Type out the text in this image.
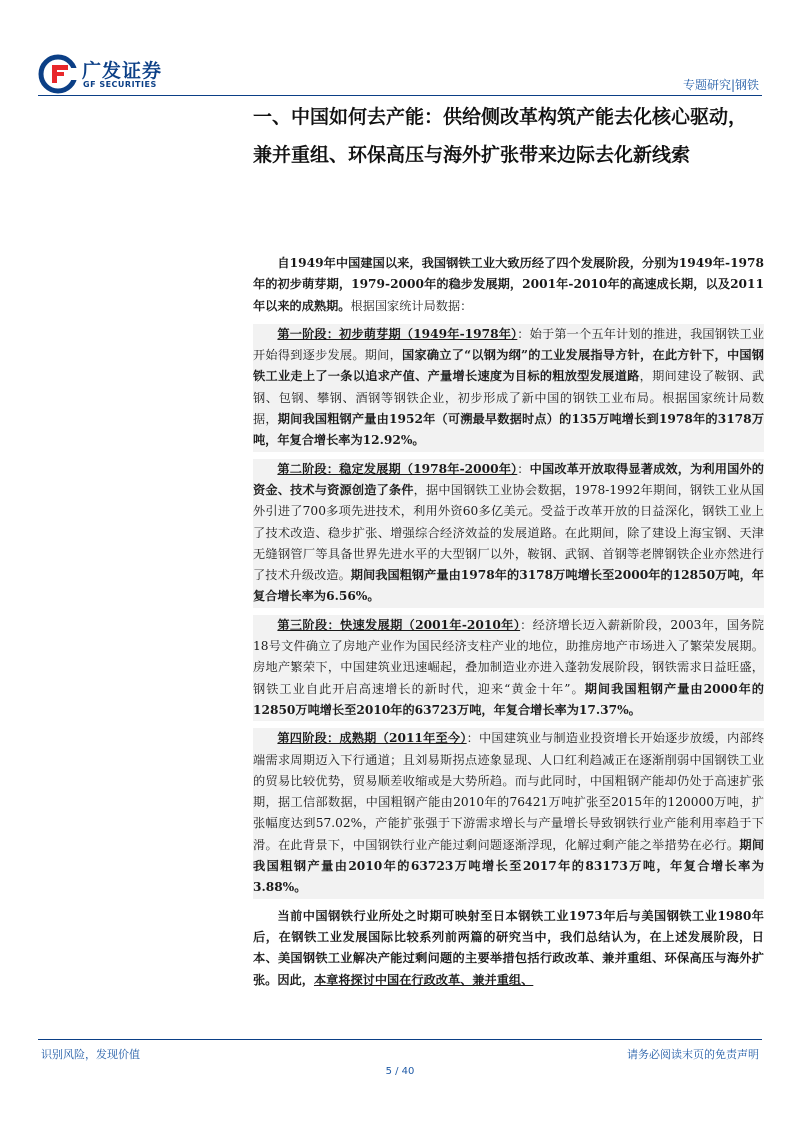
广发证券
GF SECURITIES	专题研究|钢铁
一、中国如何去产能：供给侧改革构筑产能去化核心驱动，兼并重组、环保高压与海外扩张带来边际去化新线索

自1949年中国建国以来，我国钢铁工业大致历经了四个发展阶段，分别为1949年-1978年的初步萌芽期，1979-2000年的稳步发展期，2001年-2010年的高速成长期，以及2011年以来的成熟期。根据国家统计局数据：

第一阶段：初步萌芽期（1949年-1978年）：始于第一个五年计划的推进，我国钢铁工业开始得到逐步发展。期间，国家确立了“以钢为纲”的工业发展指导方针，在此方针下，中国钢铁工业走上了一条以追求产值、产量增长速度为目标的粗放型发展道路，期间建设了鞍钢、武钢、包钢、攀钢、酒钢等钢铁企业，初步形成了新中国的钢铁工业布局。根据国家统计局数据，期间我国粗钢产量由1952年（可溯最早数据时点）的135万吨增长到1978年的3178万吨，年复合增长率为12.92%。

第二阶段：稳定发展期（1978年-2000年）：中国改革开放取得显著成效，为利用国外的资金、技术与资源创造了条件，据中国钢铁工业协会数据，1978-1992年期间，钢铁工业从国外引进了700多项先进技术，利用外资60多亿美元。受益于改革开放的日益深化，钢铁工业上了技术改造、稳步扩张、增强综合经济效益的发展道路。在此期间，除了建设上海宝钢、天津无缝钢管厂等具备世界先进水平的大型钢厂以外，鞍钢、武钢、首钢等老牌钢铁企业亦然进行了技术升级改造。期间我国粗钢产量由1978年的3178万吨增长至2000年的12850万吨，年复合增长率为6.56%。

第三阶段：快速发展期（2001年-2010年）：经济增长迈入薪新阶段，2003年，国务院18号文件确立了房地产业作为国民经济支柱产业的地位，助推房地产市场进入了繁荣发展期。房地产繁荣下，中国建筑业迅速崛起，叠加制造业亦进入蓬勃发展阶段，钢铁需求日益旺盛，钢铁工业自此开启高速增长的新时代，迎来“黄金十年”。期间我国粗钢产量由2000年的12850万吨增长至2010年的63723万吨，年复合增长率为17.37%。

第四阶段：成熟期（2011年至今）：中国建筑业与制造业投资增长开始逐步放缓，内部终端需求周期迈入下行通道；且刘易斯拐点迹象显现、人口红利趋减正在逐渐削弱中国钢铁工业的贸易比较优势，贸易顺差收缩或是大势所趋。而与此同时，中国粗钢产能却仍处于高速扩张期，据工信部数据，中国粗钢产能由2010年的76421万吨扩张至2015年的120000万吨，扩张幅度达到57.02%，产能扩张强于下游需求增长与产量增长导致钢铁行业产能利用率趋于下滑。在此背景下，中国钢铁行业产能过剩问题逐渐浮现，化解过剩产能之举措势在必行。期间我国粗钢产量由2010年的63723万吨增长至2017年的83173万吨，年复合增长率为3.88%。

当前中国钢铁行业所处之时期可映射至日本钢铁工业1973年后与美国钢铁工业1980年后，在钢铁工业发展国际比较系列前两篇的研究当中，我们总结认为，在上述发展阶段，日本、美国钢铁工业解决产能过剩问题的主要举措包括行政改革、兼并重组、环保高压与海外扩张。因此，本章将探讨中国在行政改革、兼并重组、

识别风险，发现价值	请务必阅读末页的免责声明
5 / 40
